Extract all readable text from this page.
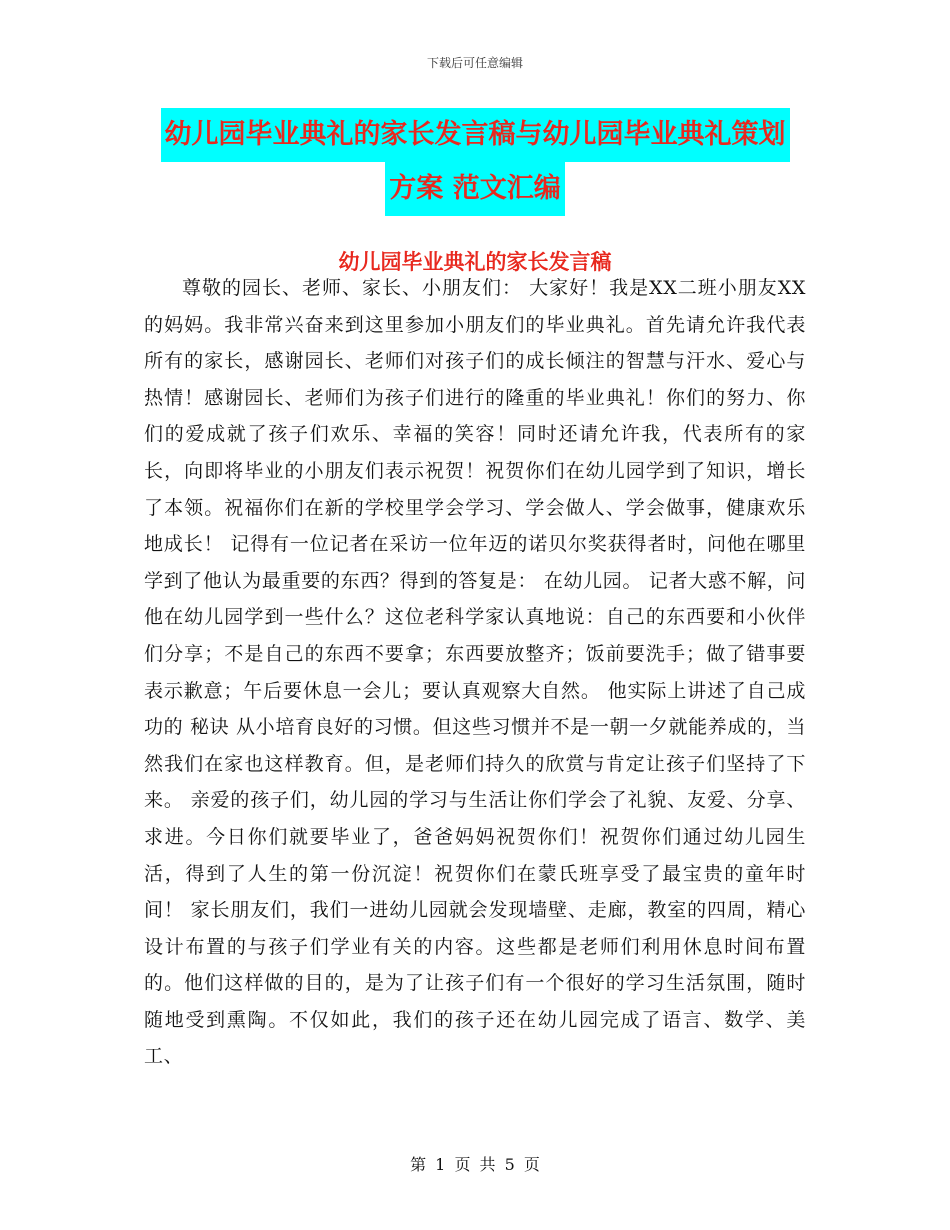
下载后可任意编辑
幼儿园毕业典礼的家长发言稿与幼儿园毕业典礼策划
方案 范文汇编
幼儿园毕业典礼的家长发言稿

尊敬的园长、老师、家长、小朋友们： 大家好！我是XX二班小朋友XX的妈妈。我非常兴奋来到这里参加小朋友们的毕业典礼。首先请允许我代表所有的家长，感谢园长、老师们对孩子们的成长倾注的智慧与汗水、爱心与热情！感谢园长、老师们为孩子们进行的隆重的毕业典礼！你们的努力、你们的爱成就了孩子们欢乐、幸福的笑容！同时还请允许我，代表所有的家长，向即将毕业的小朋友们表示祝贺！祝贺你们在幼儿园学到了知识，增长了本领。祝福你们在新的学校里学会学习、学会做人、学会做事，健康欢乐地成长！ 记得有一位记者在采访一位年迈的诺贝尔奖获得者时，问他在哪里学到了他认为最重要的东西？得到的答复是： 在幼儿园。 记者大惑不解，问他在幼儿园学到一些什么？这位老科学家认真地说：自己的东西要和小伙伴们分享；不是自己的东西不要拿；东西要放整齐；饭前要洗手；做了错事要表示歉意；午后要休息一会儿；要认真观察大自然。 他实际上讲述了自己成功的 秘诀 从小培育良好的习惯。但这些习惯并不是一朝一夕就能养成的，当然我们在家也这样教育。但，是老师们持久的欣赏与肯定让孩子们坚持了下来。 亲爱的孩子们，幼儿园的学习与生活让你们学会了礼貌、友爱、分享、求进。今日你们就要毕业了，爸爸妈妈祝贺你们！祝贺你们通过幼儿园生活，得到了人生的第一份沉淀！祝贺你们在蒙氏班享受了最宝贵的童年时间！ 家长朋友们，我们一进幼儿园就会发现墙壁、走廊，教室的四周，精心设计布置的与孩子们学业有关的内容。这些都是老师们利用休息时间布置的。他们这样做的目的，是为了让孩子们有一个很好的学习生活氛围，随时随地受到熏陶。不仅如此，我们的孩子还在幼儿园完成了语言、数学、美工、

第 1 页 共 5 页
